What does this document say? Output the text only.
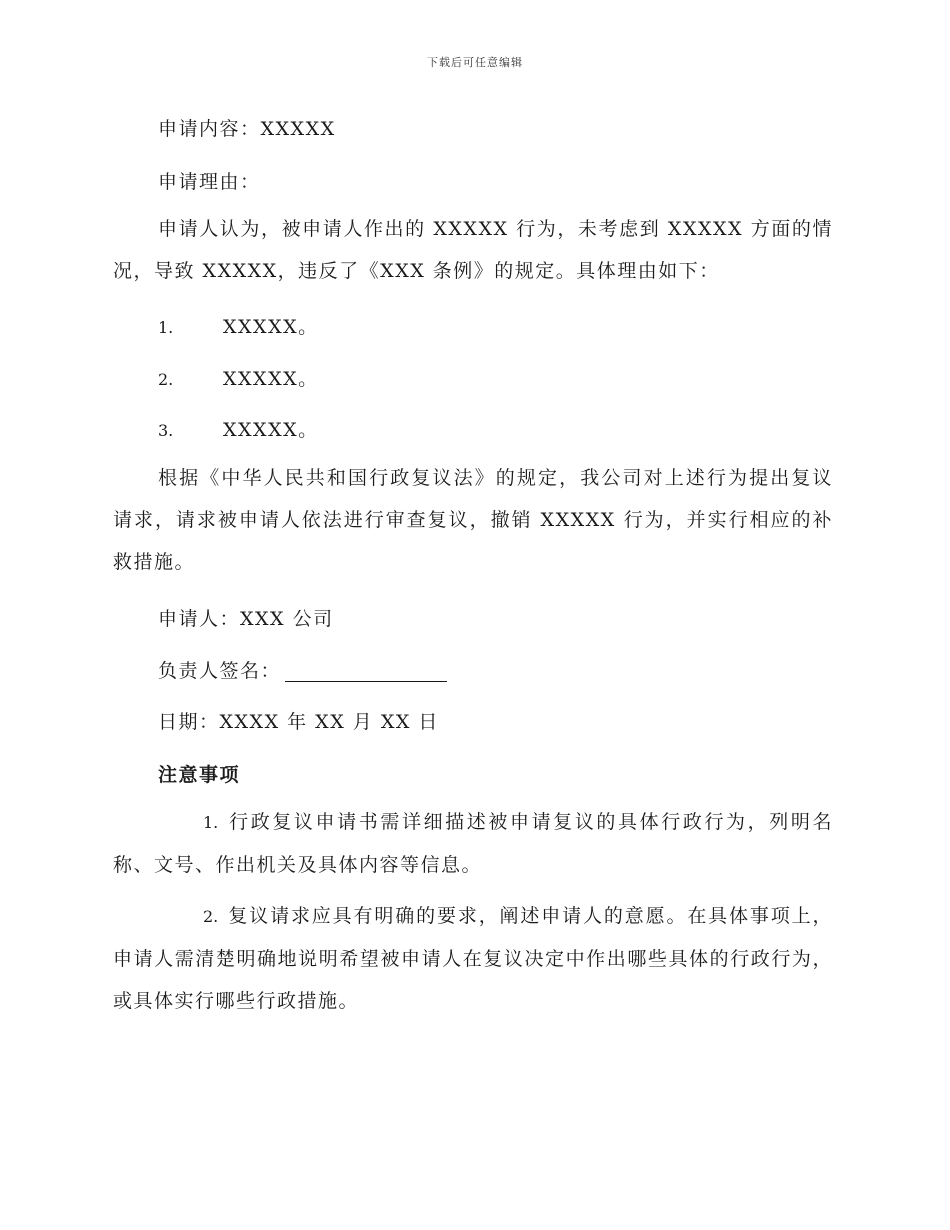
下载后可任意编辑

申请内容：XXXXX

申请理由：

申请人认为，被申请人作出的 XXXXX 行为，未考虑到 XXXXX 方面的情况，导致 XXXXX，违反了《XXX 条例》的规定。具体理由如下：

1.	XXXXX。

2.	XXXXX。

3.	XXXXX。

根据《中华人民共和国行政复议法》的规定，我公司对上述行为提出复议请求，请求被申请人依法进行审查复议，撤销 XXXXX 行为，并实行相应的补救措施。

申请人：XXX 公司

负责人签名：

日期：XXXX 年 XX 月 XX 日

注意事项

1. 行政复议申请书需详细描述被申请复议的具体行政行为，列明名称、文号、作出机关及具体内容等信息。

2. 复议请求应具有明确的要求，阐述申请人的意愿。在具体事项上，申请人需清楚明确地说明希望被申请人在复议决定中作出哪些具体的行政行为，或具体实行哪些行政措施。
